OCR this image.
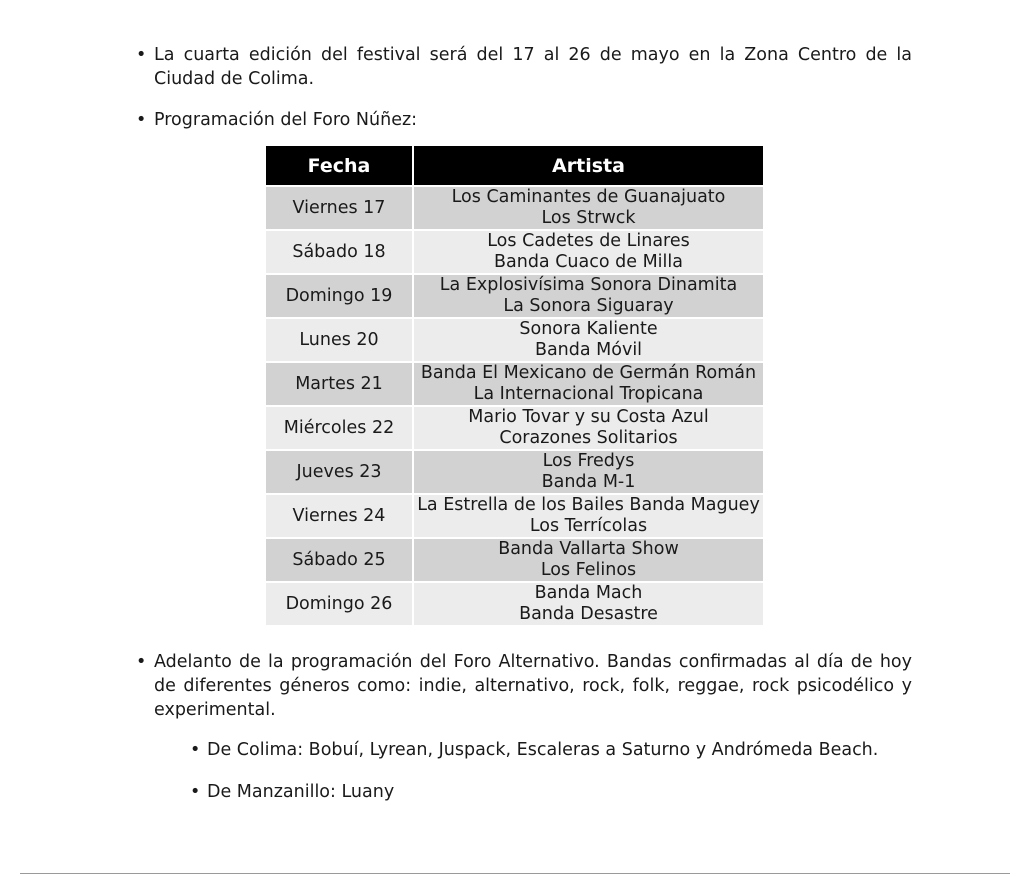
• La cuarta edición del festival será del 17 al 26 de mayo en la Zona Centro de la Ciudad de Colima.
• Programación del Foro Núñez:
Fecha	Artista
Viernes 17	Los Caminantes de Guanajuato
Los Strwck

Sábado 18	Los Cadetes de Linares
Banda Cuaco de Milla

Domingo 19	La Explosivísima Sonora Dinamita
La Sonora Siguaray

Lunes 20	Sonora Kaliente
Banda Móvil

Martes 21	Banda El Mexicano de Germán Román
La Internacional Tropicana

Miércoles 22	Mario Tovar y su Costa Azul
Corazones Solitarios

Jueves 23	Los Fredys
Banda M-1

Viernes 24	La Estrella de los Bailes Banda Maguey
Los Terrícolas

Sábado 25	Banda Vallarta Show
Los Felinos

Domingo 26	Banda Mach
Banda Desastre
• Adelanto de la programación del Foro Alternativo. Bandas confirmadas al día de hoy de diferentes géneros como: indie, alternativo, rock, folk, reggae, rock psicodélico y experimental.
• De Colima: Bobuí, Lyrean, Juspack, Escaleras a Saturno y Andrómeda Beach.
• De Manzanillo: Luany
